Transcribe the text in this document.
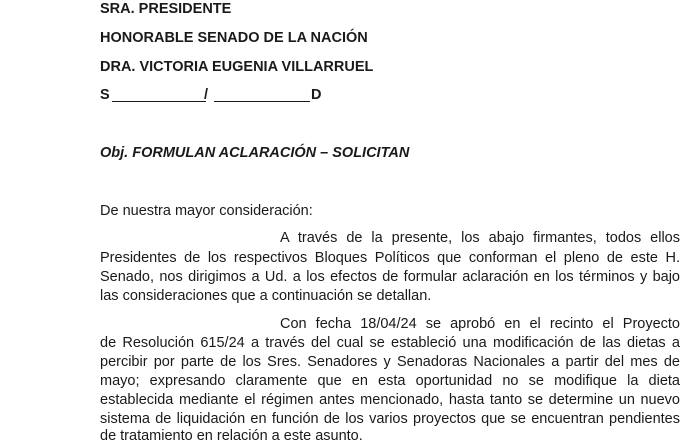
SRA. PRESIDENTE
HONORABLE SENADO DE LA NACIÓN
DRA. VICTORIA EUGENIA VILLARRUEL
S	/	D
Obj. FORMULAN ACLARACIÓN – SOLICITAN
De nuestra mayor consideración:
A través de la presente, los abajo firmantes, todos ellos
Presidentes de los respectivos Bloques Políticos que conforman el pleno de este H.
Senado, nos dirigimos a Ud. a los efectos de formular aclaración en los términos y bajo
las consideraciones que a continuación se detallan.
Con fecha 18/04/24 se aprobó en el recinto el Proyecto
de Resolución 615/24 a través del cual se estableció una modificación de las dietas a
percibir por parte de los Sres. Senadores y Senadoras Nacionales a partir del mes de
mayo; expresando claramente que en esta oportunidad no se modifique la dieta
establecida mediante el régimen antes mencionado, hasta tanto se determine un nuevo
sistema de liquidación en función de los varios proyectos que se encuentran pendientes
de tratamiento en relación a este asunto.
